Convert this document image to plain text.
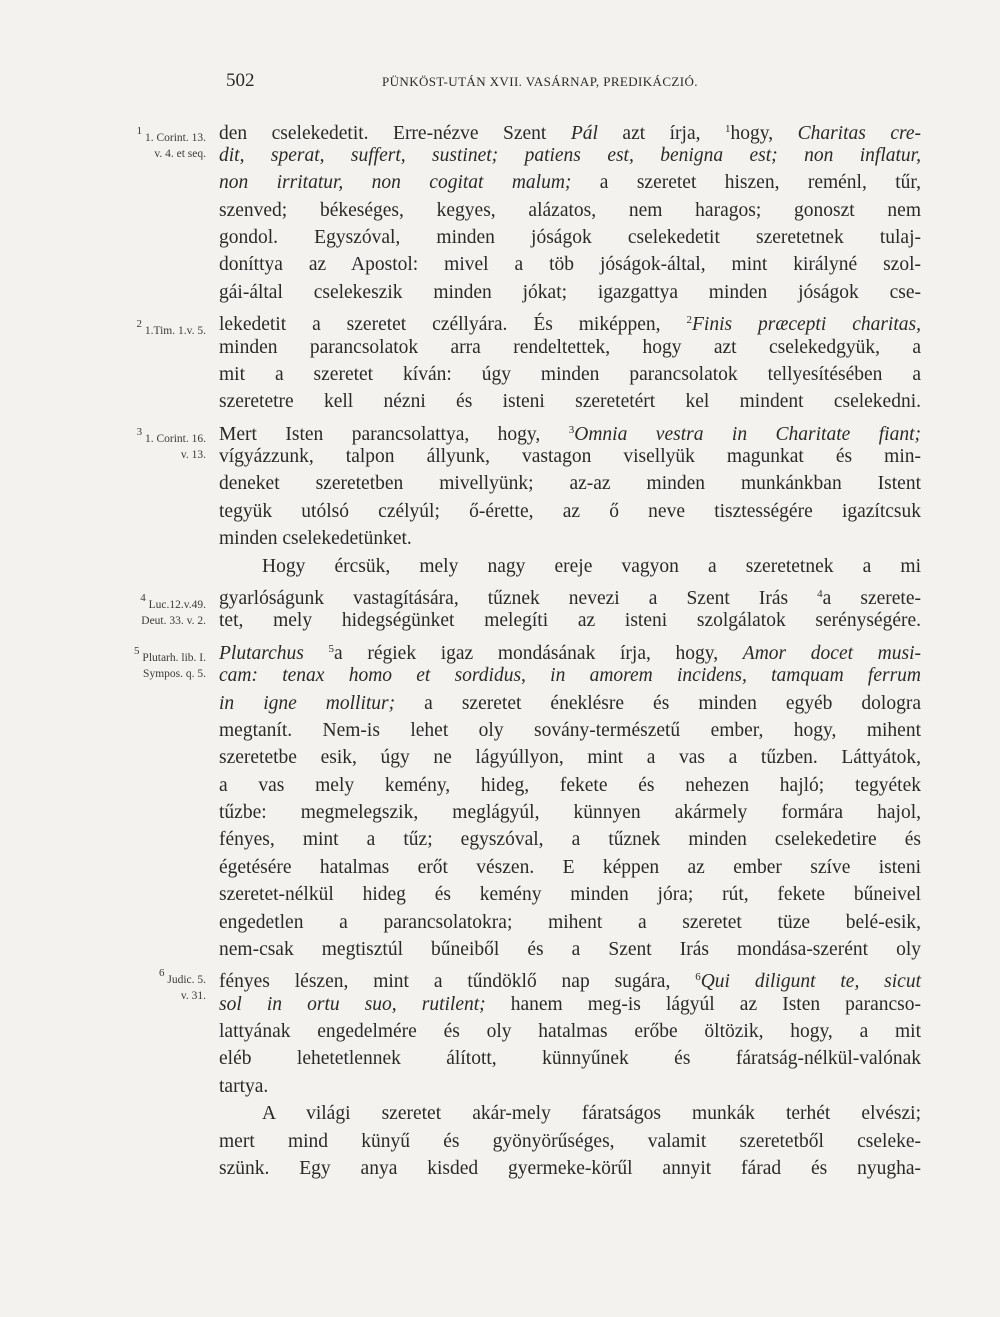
502	PÜNKÖST-UTÁN XVII. VASÁRNAP, PREDIKÁCZIÓ.
1 1. Corint. 13.
v. 4. et seq.
2 1.Tim. 1.v. 5.
3 1. Corint. 16.
v. 13.
4 Luc.12.v.49.
Deut. 33. v. 2.
5 Plutarh. lib. I.
Sympos. q. 5.
6 Judic. 5.
v. 31.
den cselekedetit. Erre-nézve Szent Pál azt írja, $^1$hogy, Charitas cre-
dit, sperat, suffert, sustinet; patiens est, benigna est; non inflatur,
non irritatur, non cogitat malum; a szeretet hiszen, reménl, tűr,
szenved; békeséges, kegyes, alázatos, nem haragos; gonoszt nem
gondol. Egyszóval, minden jóságok cselekedetit szeretetnek tulaj-
doníttya az Apostol: mivel a töb jóságok-által, mint királyné szol-
gái-által cselekeszik minden jókat; igazgattya minden jóságok cse-
lekedetit a szeretet czéllyára. És miképpen, $^2$Finis præcepti charitas,
minden parancsolatok arra rendeltettek, hogy azt cselekedgyük, a
mit a szeretet kíván: úgy minden parancsolatok tellyesítésében a
szeretetre kell nézni és isteni szeretetért kel mindent cselekedni.
Mert Isten parancsolattya, hogy, $^3$Omnia vestra in Charitate fiant;
vígyázzunk, talpon állyunk, vastagon visellyük magunkat és min-
deneket szeretetben mivellyünk; az-az minden munkánkban Istent
tegyük utólsó czélyúl; ő-érette, az ő neve tisztességére igazítcsuk
minden cselekedetünket.
Hogy ércsük, mely nagy ereje vagyon a szeretetnek a mi
gyarlóságunk vastagítására, tűznek nevezi a Szent Irás $^4$a szerete-
tet, mely hidegségünket melegíti az isteni szolgálatok serénységére.
Plutarchus $^5$a régiek igaz mondásának írja, hogy, Amor docet musi-
cam: tenax homo et sordidus, in amorem incidens, tamquam ferrum
in igne mollitur; a szeretet éneklésre és minden egyéb dologra
megtanít. Nem-is lehet oly sovány-természetű ember, hogy, mihent
szeretetbe esik, úgy ne lágyúllyon, mint a vas a tűzben. Láttyátok,
a vas mely kemény, hideg, fekete és nehezen hajló; tegyétek
tűzbe: megmelegszik, meglágyúl, künnyen akármely formára hajol,
fényes, mint a tűz; egyszóval, a tűznek minden cselekedetire és
égetésére hatalmas erőt vészen. E képpen az ember szíve isteni
szeretet-nélkül hideg és kemény minden jóra; rút, fekete bűneivel
engedetlen a parancsolatokra; mihent a szeretet tüze belé-esik,
nem-csak megtisztúl bűneiből és a Szent Irás mondása-szerént oly
fényes lészen, mint a tűndöklő nap sugára, $^6$Qui diligunt te, sicut
sol in ortu suo, rutilent; hanem meg-is lágyúl az Isten parancso-
lattyának engedelmére és oly hatalmas erőbe öltözik, hogy, a mit
eléb lehetetlennek álított, künnyűnek és fáratság-nélkül-valónak
tartya.
A világi szeretet akár-mely fáratságos munkák terhét elvészi;
mert mind künyű és gyönyörűséges, valamit szeretetből cseleke-
szünk. Egy anya kisded gyermeke-körűl annyit fárad és nyugha-
